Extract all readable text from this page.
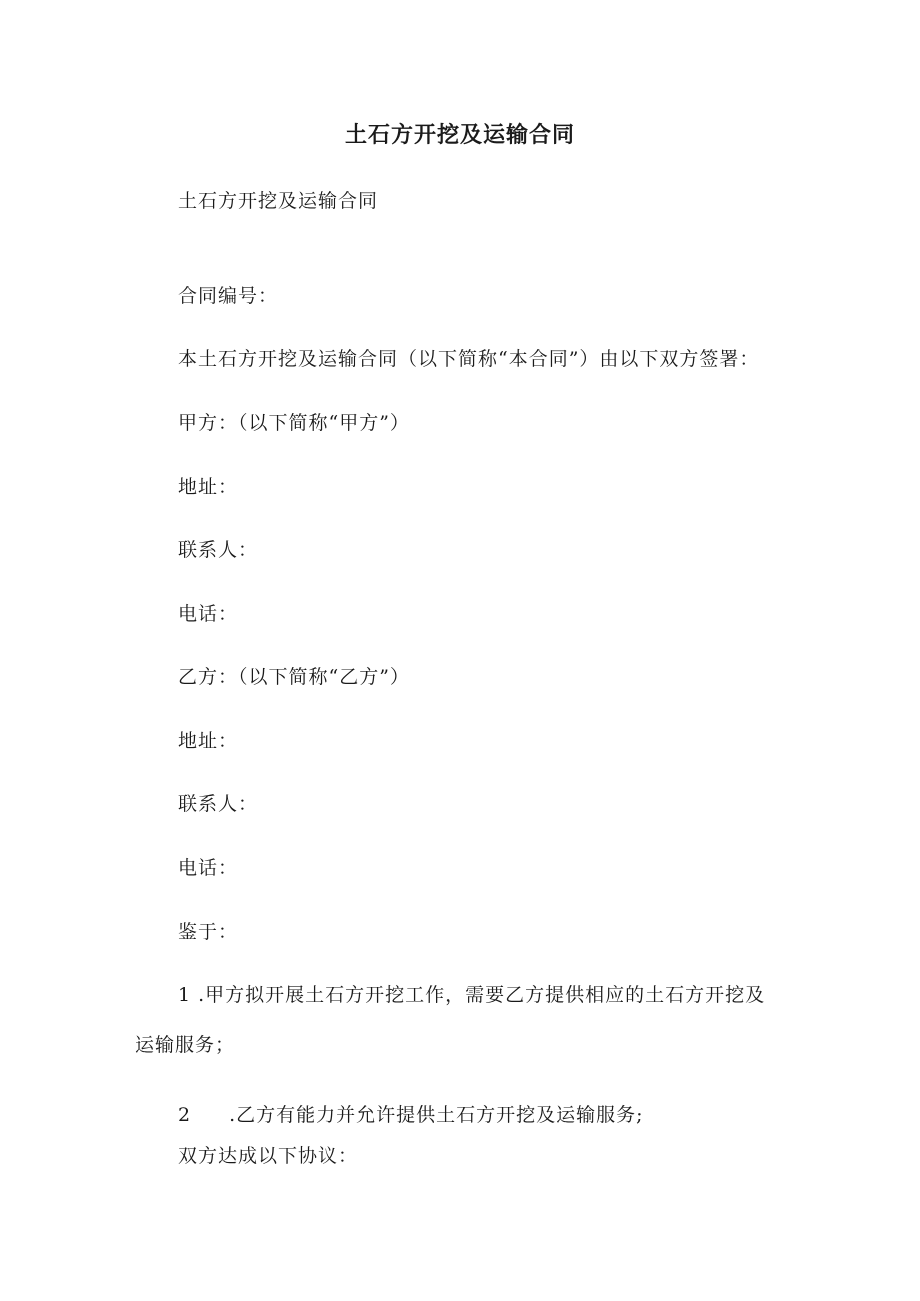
土石方开挖及运输合同
土石方开挖及运输合同
合同编号：
本土石方开挖及运输合同（以下简称“本合同”）由以下双方签署：
甲方：（以下简称“甲方”）
地址：
联系人：
电话：
乙方：（以下简称“乙方”）
地址：
联系人：
电话：
鉴于：
1 .甲方拟开展土石方开挖工作，需要乙方提供相应的土石方开挖及
运输服务；
2 .乙方有能力并允许提供土石方开挖及运输服务;
双方达成以下协议：
